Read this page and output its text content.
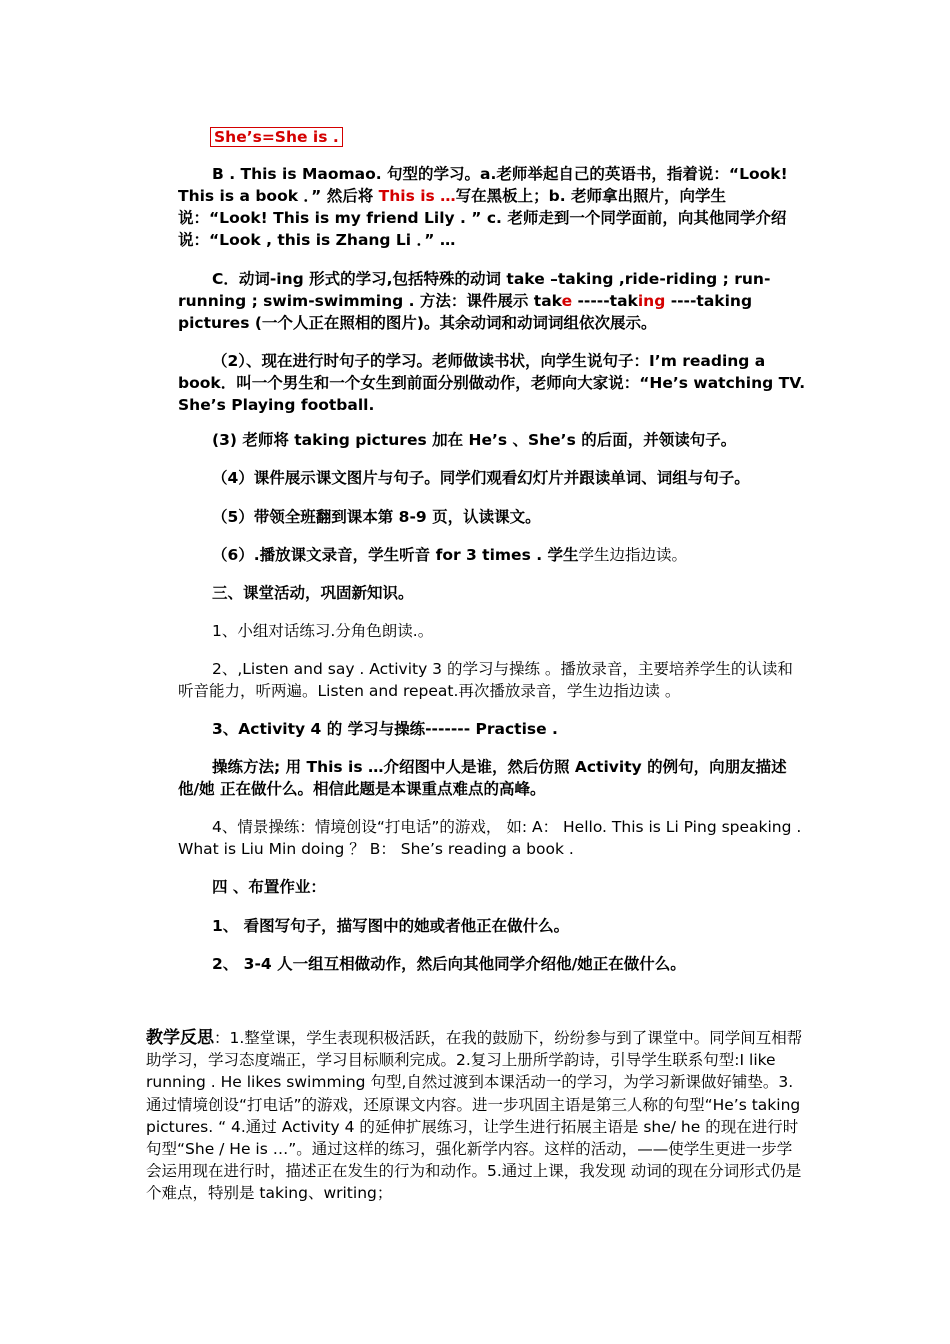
She’s=She is .

B . This is Maomao. 句型的学习。a.老师举起自己的英语书，指着说：“Look! This is a book ．” 然后将 This is …写在黑板上；b. 老师拿出照片，向学生说：“Look! This is my friend Lily . ” c. 老师走到一个同学面前，向其他同学介绍说：“Look , this is Zhang Li ．” …

C．动词-ing 形式的学习,包括特殊的动词 take –taking ,ride-riding ; run-running ; swim-swimming . 方法：课件展示 take -----taking ----taking pictures (一个人正在照相的图片)。其余动词和动词词组依次展示。

（2）、现在进行时句子的学习。老师做读书状，向学生说句子：I’m reading a book．叫一个男生和一个女生到前面分别做动作，老师向大家说：“He’s watching TV. She’s Playing football.

(3) 老师将 taking pictures 加在 He’s 、She’s 的后面，并领读句子。

（4）课件展示课文图片与句子。同学们观看幻灯片并跟读单词、词组与句子。

（5）带领全班翻到课本第 8-9 页，认读课文。

（6）.播放课文录音，学生听音 for 3 times . 学生学生边指边读。

三、课堂活动，巩固新知识。

1、小组对话练习.分角色朗读.。

2、,Listen and say . Activity 3 的学习与操练 。播放录音，主要培养学生的认读和听音能力，听两遍。Listen and repeat.再次播放录音，学生边指边读 。

3、Activity 4 的 学习与操练------- Practise .

操练方法; 用 This is …介绍图中人是谁，然后仿照 Activity 的例句，向朋友描述他/她 正在做什么。相信此题是本课重点难点的高峰。

4、情景操练：情境创设“打电话”的游戏， 如: A： Hello. This is Li Ping speaking . What is Liu Min doing ？ B： She’s reading a book .

四 、布置作业：

1、 看图写句子，描写图中的她或者他正在做什么。

2、 3-4 人一组互相做动作，然后向其他同学介绍他/她正在做什么。

教学反思：1.整堂课，学生表现积极活跃，在我的鼓励下，纷纷参与到了课堂中。同学间互相帮 助学习，学习态度端正，学习目标顺利完成。2.复习上册所学韵诗，引导学生联系句型:I like running . He likes swimming 句型,自然过渡到本课活动一的学习，为学习新课做好铺垫。3.通过情境创设“打电话”的游戏，还原课文内容。进一步巩固主语是第三人称的句型“He’s taking pictures. “ 4.通过 Activity 4 的延伸扩展练习，让学生进行拓展主语是 she/ he 的现在进行时句型“She / He is …”。通过这样的练习，强化新学内容。这样的活动，——使学生更进一步学会运用现在进行时，描述正在发生的行为和动作。5.通过上课，我发现 动词的现在分词形式仍是个难点，特别是 taking、writing；
